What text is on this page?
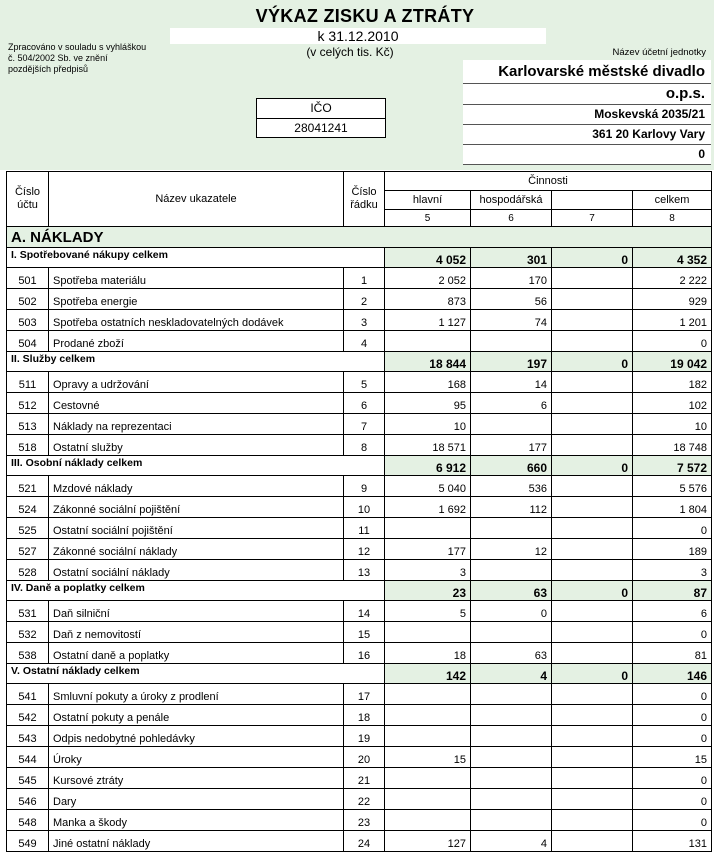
VÝKAZ ZISKU A ZTRÁTY
k 31.12.2010
(v celých tis. Kč)
Zpracováno v souladu s vyhláškou
č. 504/2002 Sb. ve znění
pozdějších předpisů
IČO
28041241
Název účetní jednotky
Karlovarské městské divadlo
o.p.s.
Moskevská 2035/21
361 20 Karlovy Vary
0
Číslo účtu	Název ukazatele	Číslo řádku	Činnosti			
			hlavní	hospodářská		celkem
			5	6	7	8
A. NÁKLADY						
I. Spotřebované nákupy celkem			4 052	301	0	4 352
501	Spotřeba materiálu	1	2 052	170		2 222
502	Spotřeba energie	2	873	56		929
503	Spotřeba ostatních neskladovatelných dodávek	3	1 127	74		1 201
504	Prodané zboží	4				0
II. Služby celkem			18 844	197	0	19 042
511	Opravy a udržování	5	168	14		182
512	Cestovné	6	95	6		102
513	Náklady na reprezentaci	7	10			10
518	Ostatní služby	8	18 571	177		18 748
III. Osobní náklady celkem			6 912	660	0	7 572
521	Mzdové náklady	9	5 040	536		5 576
524	Zákonné sociální pojištění	10	1 692	112		1 804
525	Ostatní sociální pojištění	11				0
527	Zákonné sociální náklady	12	177	12		189
528	Ostatní sociální náklady	13	3			3
IV. Daně a poplatky celkem			23	63	0	87
531	Daň silniční	14	5	0		6
532	Daň z nemovitostí	15				0
538	Ostatní daně a poplatky	16	18	63		81
V. Ostatní náklady celkem			142	4	0	146
541	Smluvní pokuty a úroky z prodlení	17				0
542	Ostatní pokuty a penále	18				0
543	Odpis nedobytné pohledávky	19				0
544	Úroky	20	15			15
545	Kursové ztráty	21				0
546	Dary	22				0
548	Manka a škody	23				0
549	Jiné ostatní náklady	24	127	4		131
